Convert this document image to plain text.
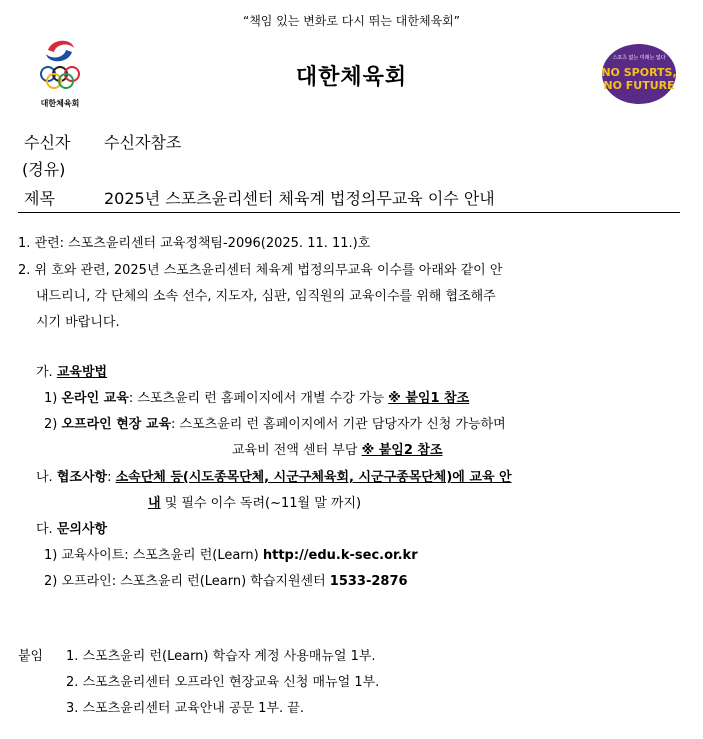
“책임 있는 변화로 다시 뛰는 대한체육회”
대한체육회
대한체육회
스포츠 없는 미래는 없다
NO SPORTS,
NO FUTURE
수신자 수신자참조
(경유)
제목	2025년 스포츠윤리센터 체육계 법정의무교육 이수 안내
1. 관련: 스포츠윤리센터 교육정책팀-2096(2025. 11. 11.)호
2. 위 호와 관련, 2025년 스포츠윤리센터 체육계 법정의무교육 이수를 아래와 같이 안
내드리니, 각 단체의 소속 선수, 지도자, 심판, 임직원의 교육이수를 위해 협조해주
시기 바랍니다.
가. 교육방법
1) 온라인 교육: 스포츠윤리 런 홈페이지에서 개별 수강 가능 ※ 붙임1 참조
2) 오프라인 현장 교육: 스포츠윤리 런 홈페이지에서 기관 담당자가 신청 가능하며
교육비 전액 센터 부담 ※ 붙임2 참조
나. 협조사항: 소속단체 등(시도종목단체, 시군구체육회, 시군구종목단체)에 교육 안
내 및 필수 이수 독려(~11월 말 까지)
다. 문의사항
1) 교육사이트: 스포츠윤리 런(Learn) http://edu.k-sec.or.kr
2) 오프라인: 스포츠윤리 런(Learn) 학습지원센터 1533-2876
붙임 1. 스포츠윤리 런(Learn) 학습자 계정 사용매뉴얼 1부.
2. 스포츠윤리센터 오프라인 현장교육 신청 매뉴얼 1부.
3. 스포츠윤리센터 교육안내 공문 1부. 끝.
